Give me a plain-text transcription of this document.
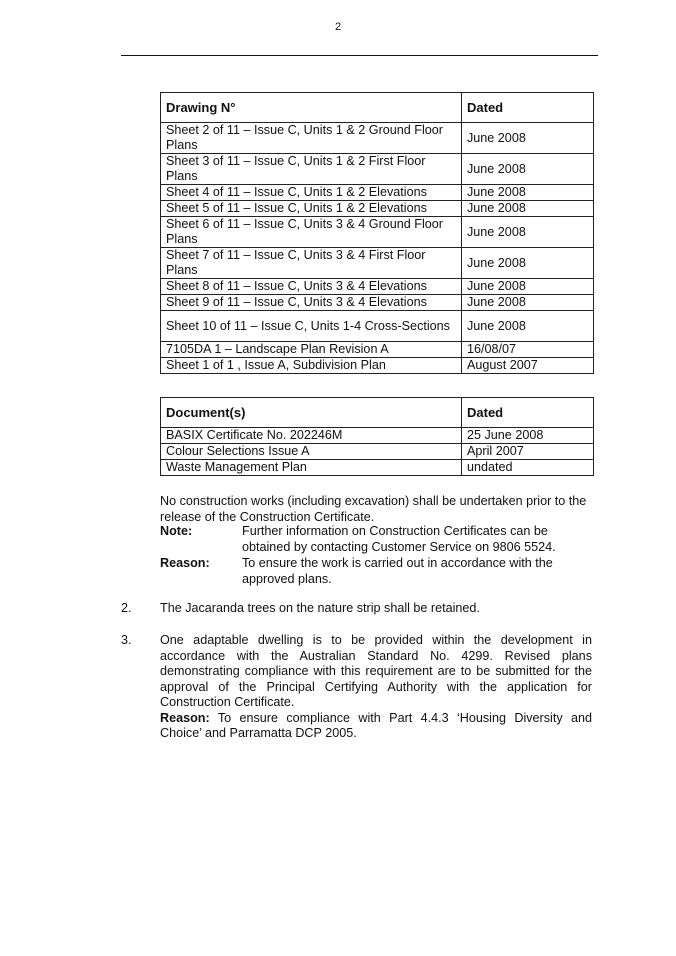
2
Drawing N°	Dated
Sheet 2 of 11 – Issue C, Units 1 & 2 Ground Floor Plans	June 2008
Sheet 3 of 11 – Issue C, Units 1 & 2 First Floor Plans	June 2008
Sheet 4 of 11 – Issue C, Units 1 & 2 Elevations	June 2008
Sheet 5 of 11 – Issue C, Units 1 & 2 Elevations	June 2008
Sheet 6 of 11 – Issue C, Units 3 & 4 Ground Floor Plans	June 2008
Sheet 7 of 11 – Issue C, Units 3 & 4 First Floor Plans	June 2008
Sheet 8 of 11 – Issue C, Units 3 & 4 Elevations	June 2008
Sheet 9 of 11 – Issue C, Units 3 & 4 Elevations	June 2008
Sheet 10 of 11 – Issue C, Units 1-4 Cross-Sections	June 2008
7105DA 1 – Landscape Plan Revision A	16/08/07
Sheet 1 of 1 , Issue A, Subdivision Plan	August 2007
Document(s)	Dated
BASIX Certificate No. 202246M	25 June 2008
Colour Selections Issue A	April 2007
Waste Management Plan	undated
No construction works (including excavation) shall be undertaken prior to the release of the Construction Certificate.
Note:	Further information on Construction Certificates can be obtained by contacting Customer Service on 9806 5524.
Reason:	To ensure the work is carried out in accordance with the approved plans.
2. The Jacaranda trees on the nature strip shall be retained.
3. One adaptable dwelling is to be provided within the development in accordance with the Australian Standard No. 4299. Revised plans demonstrating compliance with this requirement are to be submitted for the approval of the Principal Certifying Authority with the application for Construction Certificate.
Reason: To ensure compliance with Part 4.4.3 ‘Housing Diversity and Choice’ and Parramatta DCP 2005.
